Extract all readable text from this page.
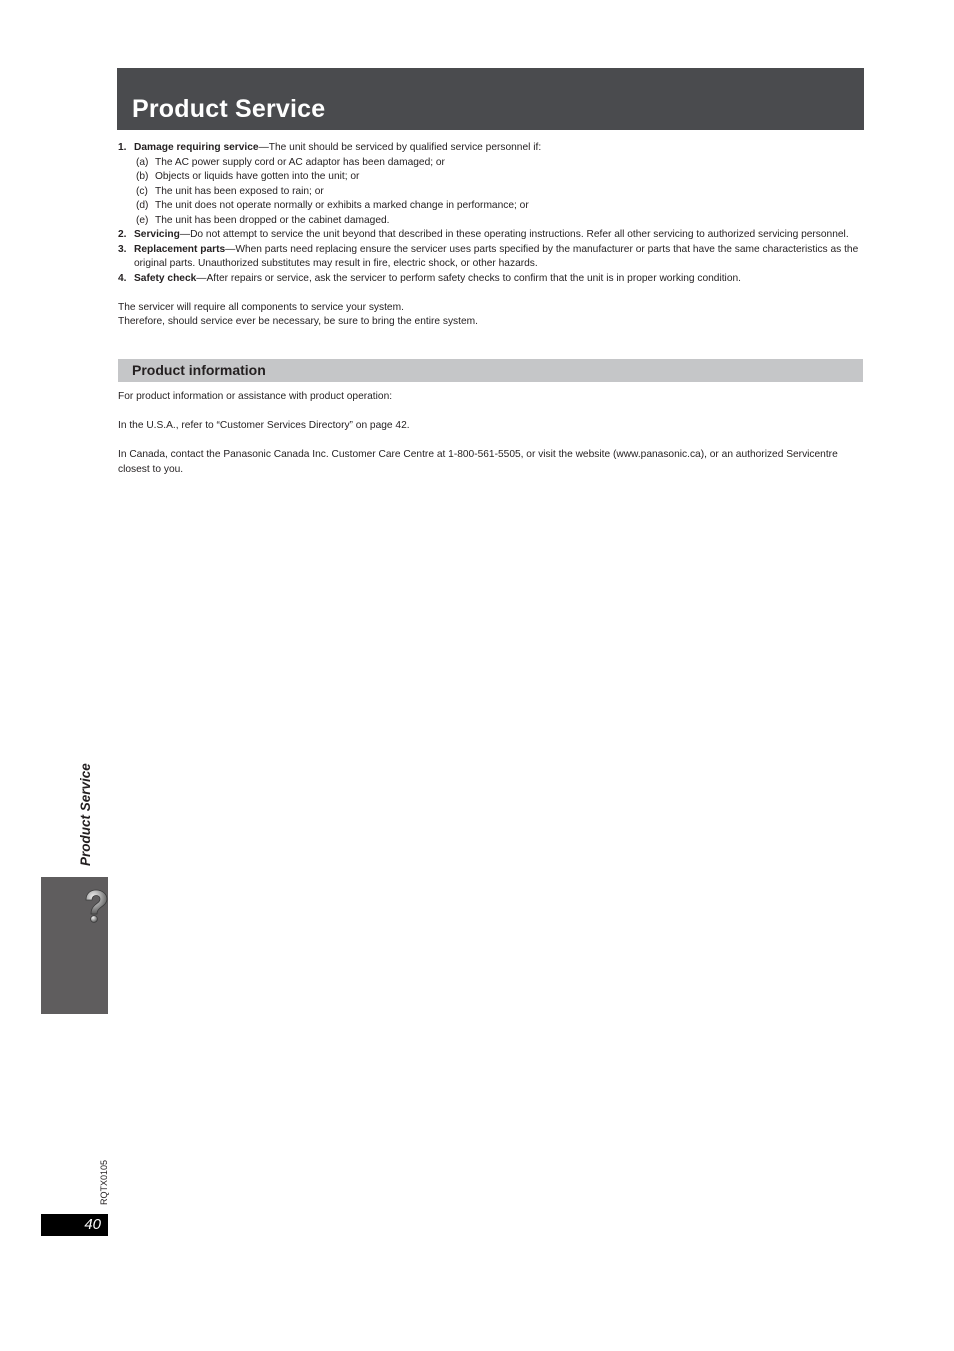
Product Service
1. Damage requiring service—The unit should be serviced by qualified service personnel if:
(a) The AC power supply cord or AC adaptor has been damaged; or
(b) Objects or liquids have gotten into the unit; or
(c) The unit has been exposed to rain; or
(d) The unit does not operate normally or exhibits a marked change in performance; or
(e) The unit has been dropped or the cabinet damaged.
2. Servicing—Do not attempt to service the unit beyond that described in these operating instructions. Refer all other servicing to authorized servicing personnel.
3. Replacement parts—When parts need replacing ensure the servicer uses parts specified by the manufacturer or parts that have the same characteristics as the original parts. Unauthorized substitutes may result in fire, electric shock, or other hazards.
4. Safety check—After repairs or service, ask the servicer to perform safety checks to confirm that the unit is in proper working condition.

The servicer will require all components to service your system.

Therefore, should service ever be necessary, be sure to bring the entire system.

Product information

For product information or assistance with product operation:

In the U.S.A., refer to “Customer Services Directory” on page 42.

In Canada, contact the Panasonic Canada Inc. Customer Care Centre at 1-800-561-5505, or visit the website (www.panasonic.ca), or an authorized Servicentre closest to you.

Product Service
RQTX0105
40
